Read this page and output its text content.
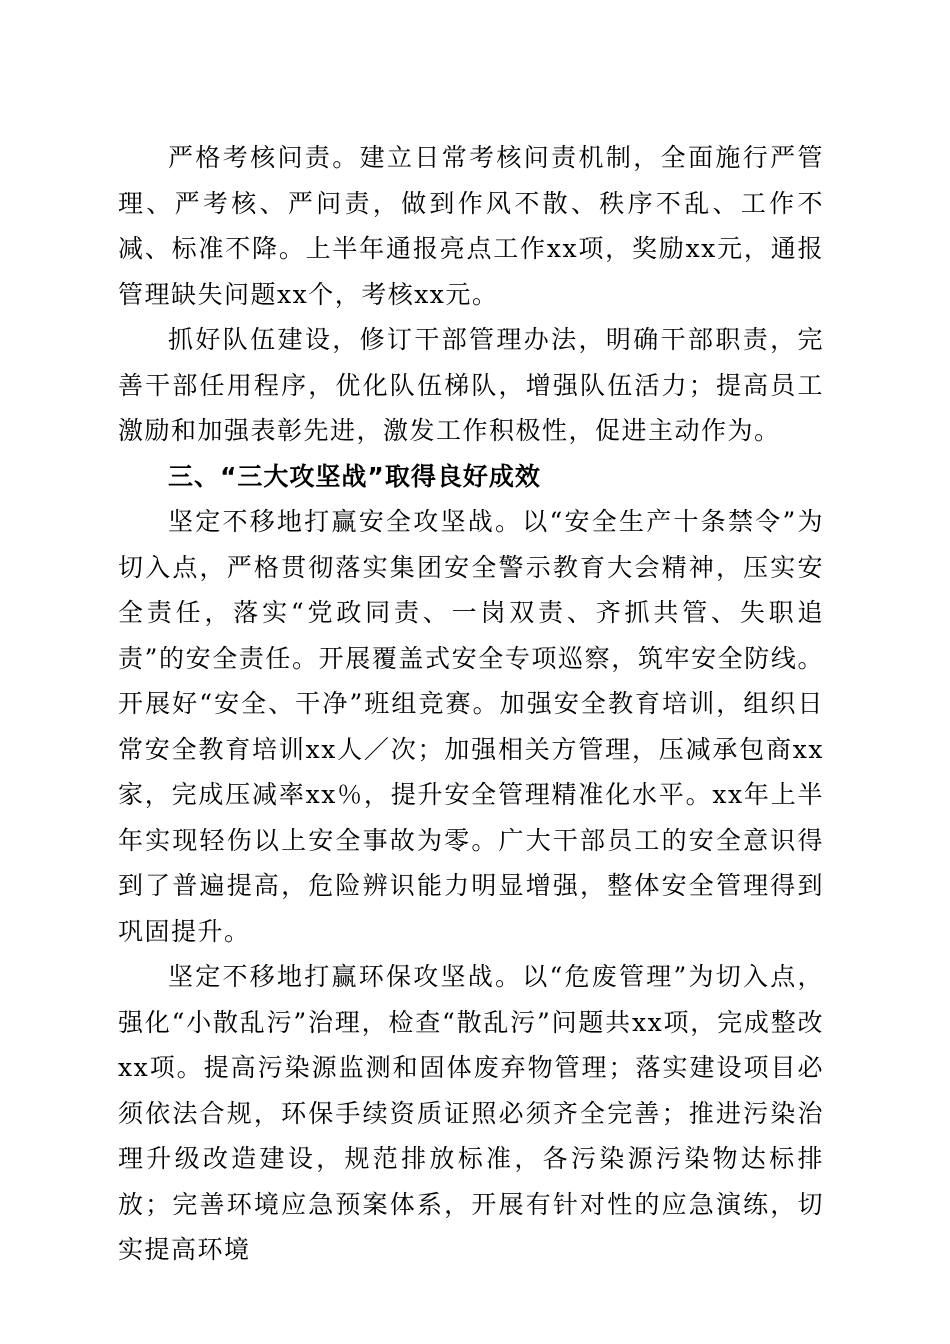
严格考核问责。建立日常考核问责机制，全面施行严管理、严考核、严问责，做到作风不散、秩序不乱、工作不减、标准不降。上半年通报亮点工作xx项，奖励xx元，通报管理缺失问题xx个，考核xx元。

抓好队伍建设，修订干部管理办法，明确干部职责，完善干部任用程序，优化队伍梯队，增强队伍活力；提高员工激励和加强表彰先进，激发工作积极性，促进主动作为。

三、“三大攻坚战”取得良好成效

坚定不移地打赢安全攻坚战。以“安全生产十条禁令”为切入点，严格贯彻落实集团安全警示教育大会精神，压实安全责任，落实“党政同责、一岗双责、齐抓共管、失职追责”的安全责任。开展覆盖式安全专项巡察，筑牢安全防线。开展好“安全、干净”班组竞赛。加强安全教育培训，组织日常安全教育培训xx人／次；加强相关方管理，压减承包商xx家，完成压减率xx％，提升安全管理精准化水平。xx年上半年实现轻伤以上安全事故为零。广大干部员工的安全意识得到了普遍提高，危险辨识能力明显增强，整体安全管理得到巩固提升。

坚定不移地打赢环保攻坚战。以“危废管理”为切入点，强化“小散乱污”治理，检查“散乱污”问题共xx项，完成整改xx项。提高污染源监测和固体废弃物管理；落实建设项目必须依法合规，环保手续资质证照必须齐全完善；推进污染治理升级改造建设，规范排放标准，各污染源污染物达标排放；完善环境应急预案体系，开展有针对性的应急演练，切实提高环境
